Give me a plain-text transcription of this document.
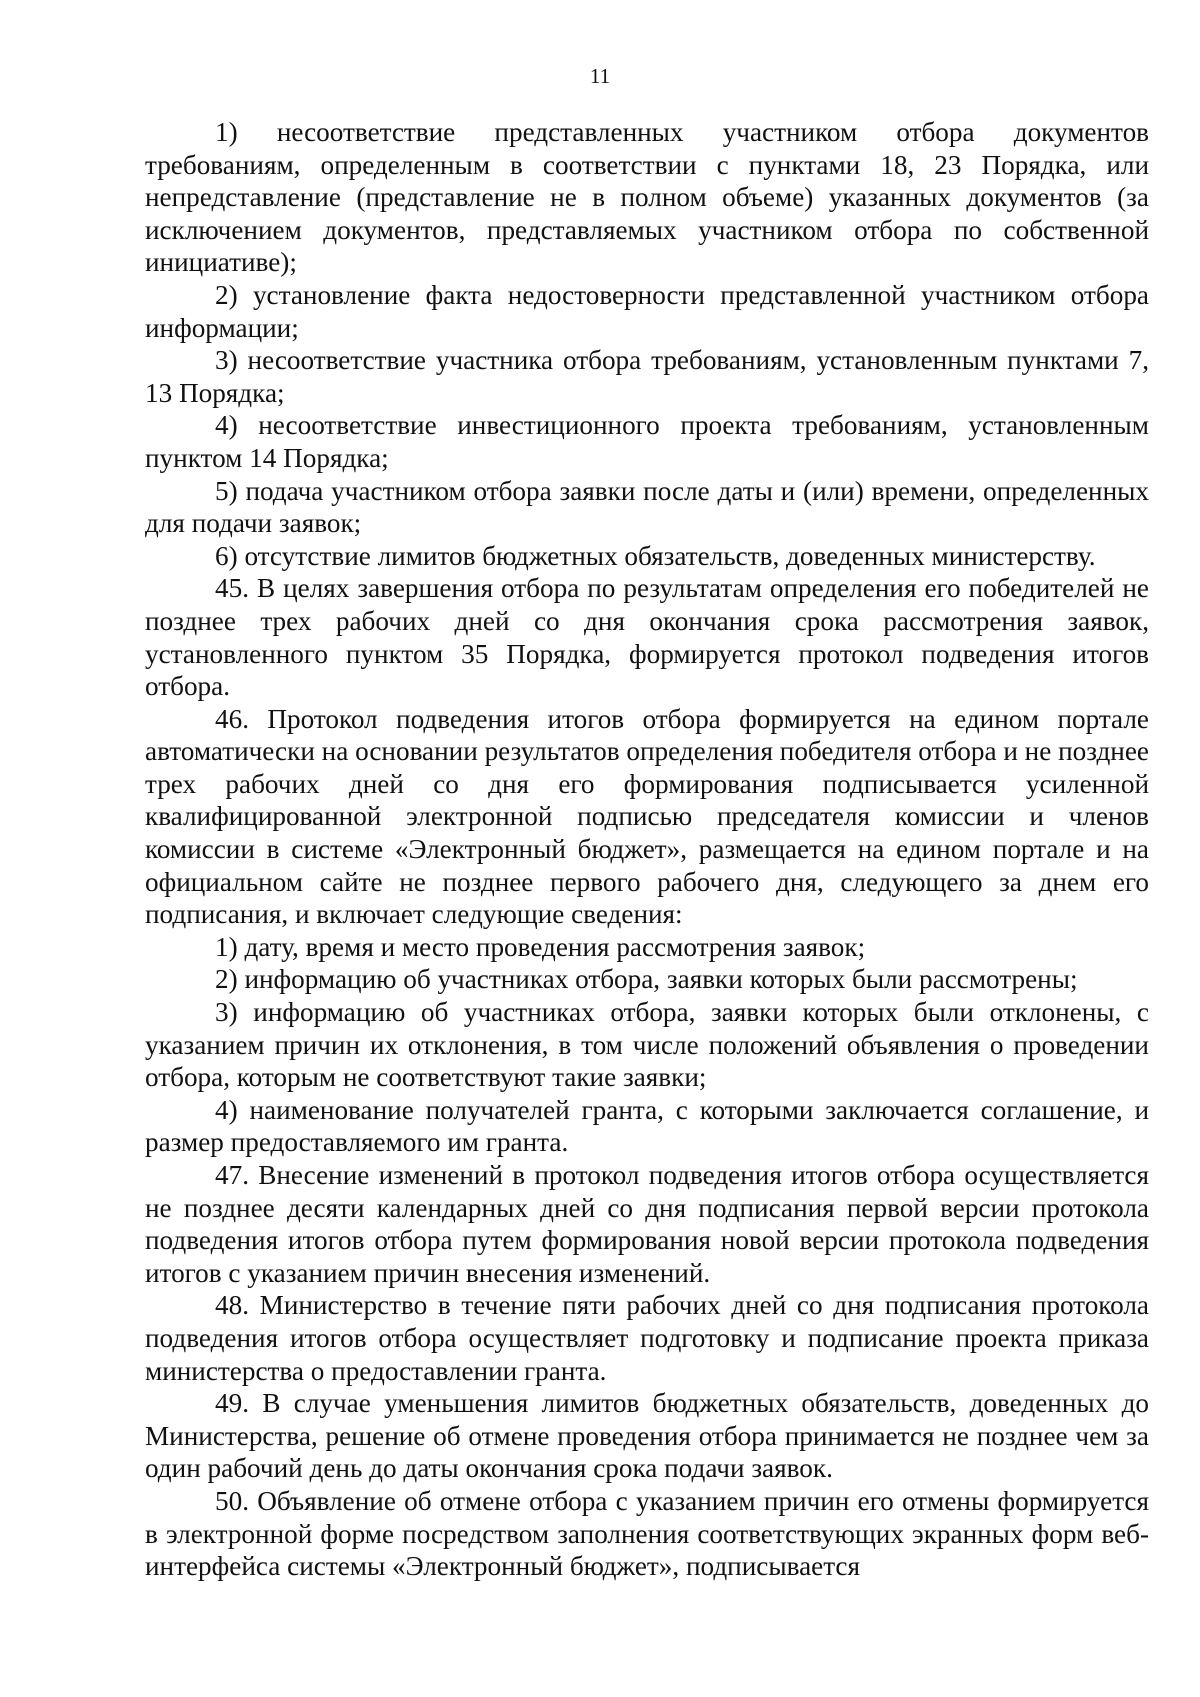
11

1) несоответствие представленных участником отбора документов требованиям, определенным в соответствии с пунктами 18, 23 Порядка, или непредставление (представление не в полном объеме) указанных документов (за исключением документов, представляемых участником отбора по собственной инициативе);

2) установление факта недостоверности представленной участником отбора информации;

3) несоответствие участника отбора требованиям, установленным пунктами 7, 13 Порядка;

4) несоответствие инвестиционного проекта требованиям, установленным пунктом 14 Порядка;

5) подача участником отбора заявки после даты и (или) времени, определенных для подачи заявок;

6) отсутствие лимитов бюджетных обязательств, доведенных министерству.

45. В целях завершения отбора по результатам определения его победителей не позднее трех рабочих дней со дня окончания срока рассмотрения заявок, установленного пунктом 35 Порядка, формируется протокол подведения итогов отбора.

46. Протокол подведения итогов отбора формируется на едином портале автоматически на основании результатов определения победителя отбора и не позднее трех рабочих дней со дня его формирования подписывается усиленной квалифицированной электронной подписью председателя комиссии и членов комиссии в системе «Электронный бюджет», размещается на едином портале и на официальном сайте не позднее первого рабочего дня, следующего за днем его подписания, и включает следующие сведения:

1) дату, время и место проведения рассмотрения заявок;

2) информацию об участниках отбора, заявки которых были рассмотрены;

3) информацию об участниках отбора, заявки которых были отклонены, с указанием причин их отклонения, в том числе положений объявления о проведении отбора, которым не соответствуют такие заявки;

4) наименование получателей гранта, с которыми заключается соглашение, и размер предоставляемого им гранта.

47. Внесение изменений в протокол подведения итогов отбора осуществляется не позднее десяти календарных дней со дня подписания первой версии протокола подведения итогов отбора путем формирования новой версии протокола подведения итогов с указанием причин внесения изменений.

48. Министерство в течение пяти рабочих дней со дня подписания протокола подведения итогов отбора осуществляет подготовку и подписание проекта приказа министерства о предоставлении гранта.

49. В случае уменьшения лимитов бюджетных обязательств, доведенных до Министерства, решение об отмене проведения отбора принимается не позднее чем за один рабочий день до даты окончания срока подачи заявок.

50. Объявление об отмене отбора с указанием причин его отмены формируется в электронной форме посредством заполнения соответствующих экранных форм веб-интерфейса системы «Электронный бюджет», подписывается
